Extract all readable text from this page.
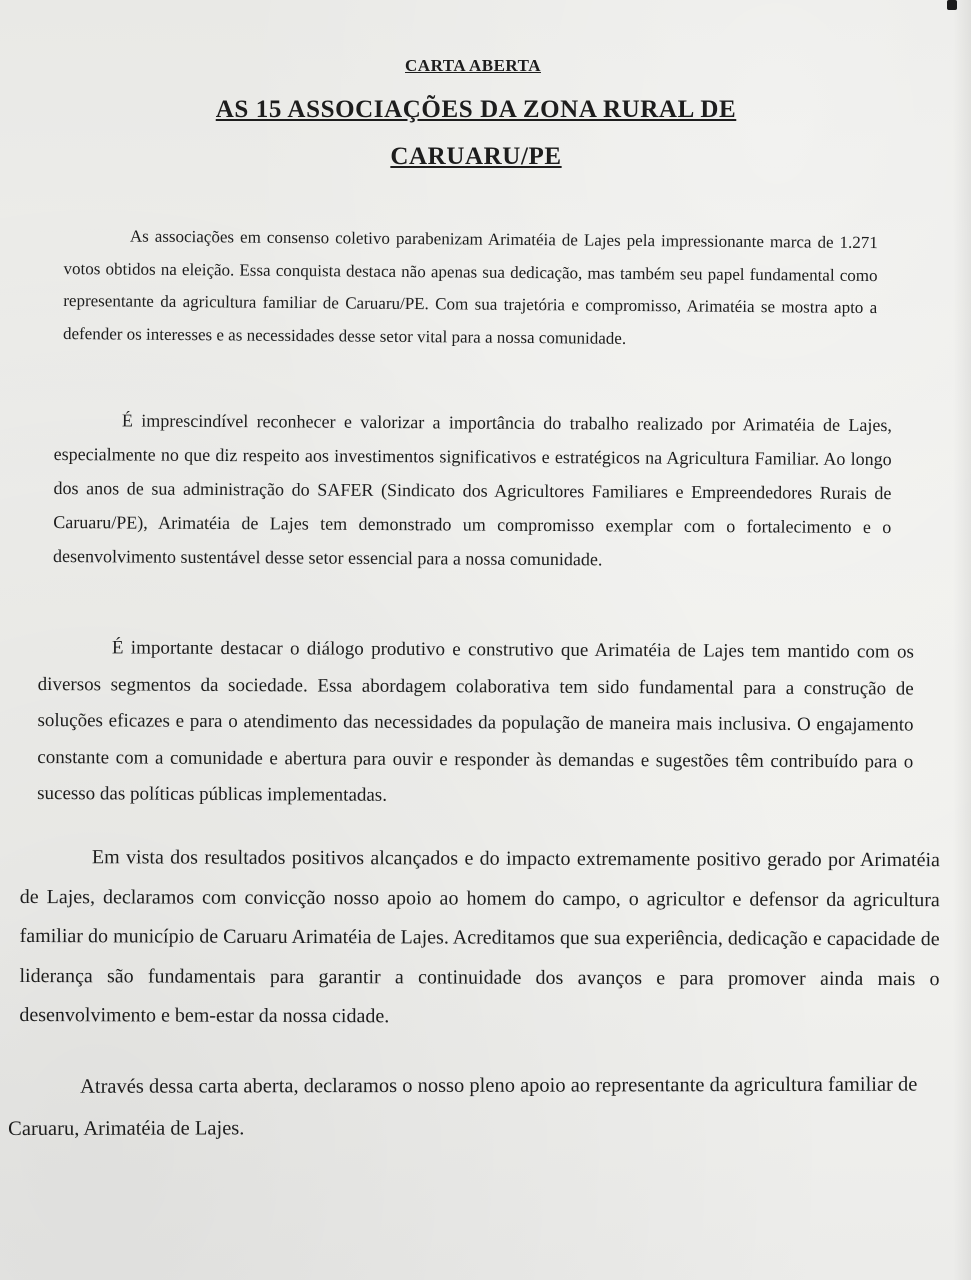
CARTA ABERTA
AS 15 ASSOCIAÇÕES DA ZONA RURAL DE
CARUARU/PE

As associações em consenso coletivo parabenizam Arimatéia de Lajes pela impressionante marca de 1.271 votos obtidos na eleição. Essa conquista destaca não apenas sua dedicação, mas também seu papel fundamental como representante da agricultura familiar de Caruaru/PE. Com sua trajetória e compromisso, Arimatéia se mostra apto a defender os interesses e as necessidades desse setor vital para a nossa comunidade.

É imprescindível reconhecer e valorizar a importância do trabalho realizado por Arimatéia de Lajes, especialmente no que diz respeito aos investimentos significativos e estratégicos na Agricultura Familiar. Ao longo dos anos de sua administração do SAFER (Sindicato dos Agricultores Familiares e Empreendedores Rurais de Caruaru/PE), Arimatéia de Lajes tem demonstrado um compromisso exemplar com o fortalecimento e o desenvolvimento sustentável desse setor essencial para a nossa comunidade.

É importante destacar o diálogo produtivo e construtivo que Arimatéia de Lajes tem mantido com os diversos segmentos da sociedade. Essa abordagem colaborativa tem sido fundamental para a construção de soluções eficazes e para o atendimento das necessidades da população de maneira mais inclusiva. O engajamento constante com a comunidade e abertura para ouvir e responder às demandas e sugestões têm contribuído para o sucesso das políticas públicas implementadas.

Em vista dos resultados positivos alcançados e do impacto extremamente positivo gerado por Arimatéia de Lajes, declaramos com convicção nosso apoio ao homem do campo, o agricultor e defensor da agricultura familiar do município de Caruaru Arimatéia de Lajes. Acreditamos que sua experiência, dedicação e capacidade de liderança são fundamentais para garantir a continuidade dos avanços e para promover ainda mais o desenvolvimento e bem-estar da nossa cidade.

Através dessa carta aberta, declaramos o nosso pleno apoio ao representante da agricultura familiar de Caruaru, Arimatéia de Lajes.
